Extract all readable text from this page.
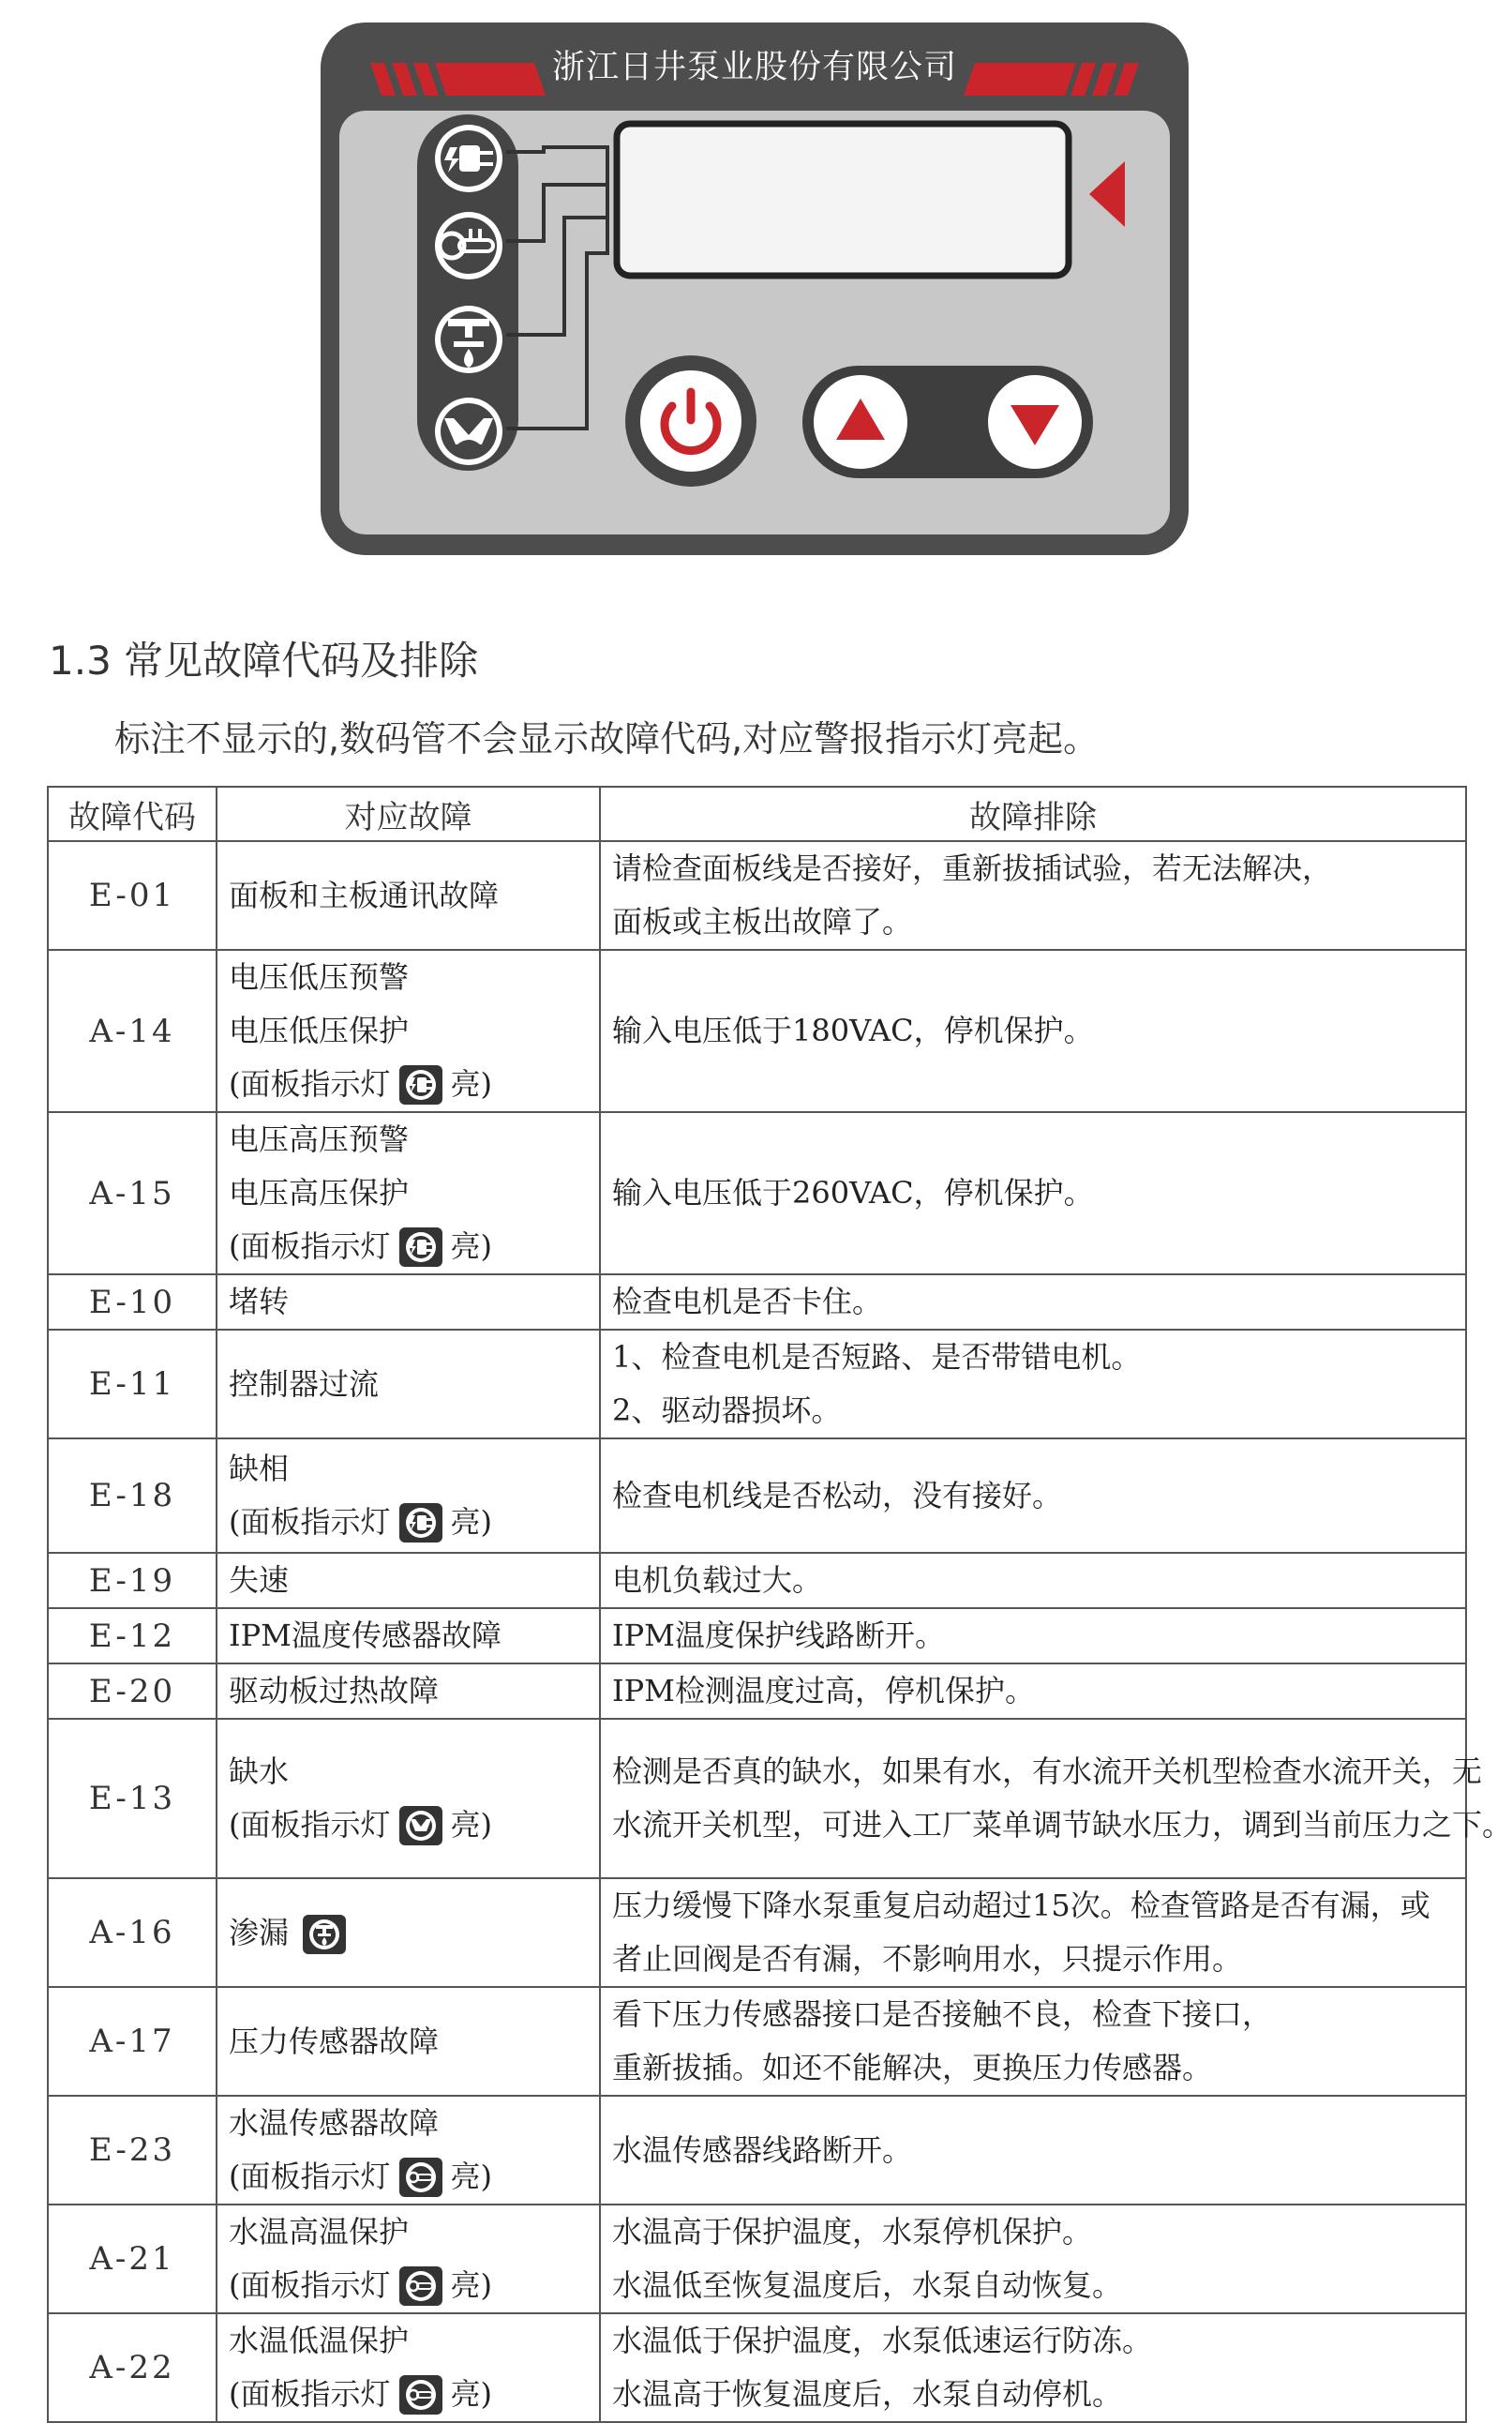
浙江日井泵业股份有限公司
1.3 常见故障代码及排除
标注不显示的,数码管不会显示故障代码,对应警报指示灯亮起。
故障代码	对应故障	故障排除
E-01	面板和主板通讯故障	请检查面板线是否接好，重新拔插试验，若无法解决，
面板或主板出故障了。

A-14	电压低压预警
电压低压保护
(面板指示灯 亮)	输入电压低于180VAC，停机保护。

A-15	电压高压预警
电压高压保护
(面板指示灯 亮)	输入电压低于260VAC，停机保护。

E-10	堵转	检查电机是否卡住。

E-11	控制器过流	1、检查电机是否短路、是否带错电机。
2、驱动器损坏。

E-18	缺相
(面板指示灯 亮)	检查电机线是否松动，没有接好。

E-19	失速	电机负载过大。

E-12	IPM温度传感器故障	IPM温度保护线路断开。

E-20	驱动板过热故障	IPM检测温度过高，停机保护。

E-13	缺水
(面板指示灯 亮)	检测是否真的缺水，如果有水，有水流开关机型检查水流开关，无
水流开关机型，可进入工厂菜单调节缺水压力，调到当前压力之下。

A-16	渗漏	压力缓慢下降水泵重复启动超过15次。检查管路是否有漏，或
者止回阀是否有漏，不影响用水，只提示作用。

A-17	压力传感器故障	看下压力传感器接口是否接触不良，检查下接口，
重新拔插。如还不能解决，更换压力传感器。

E-23	水温传感器故障
(面板指示灯 亮)	水温传感器线路断开。

A-21	水温高温保护
(面板指示灯 亮)	水温高于保护温度，水泵停机保护。
水温低至恢复温度后，水泵自动恢复。

A-22	水温低温保护
(面板指示灯 亮)	水温低于保护温度，水泵低速运行防冻。
水温高于恢复温度后，水泵自动停机。
